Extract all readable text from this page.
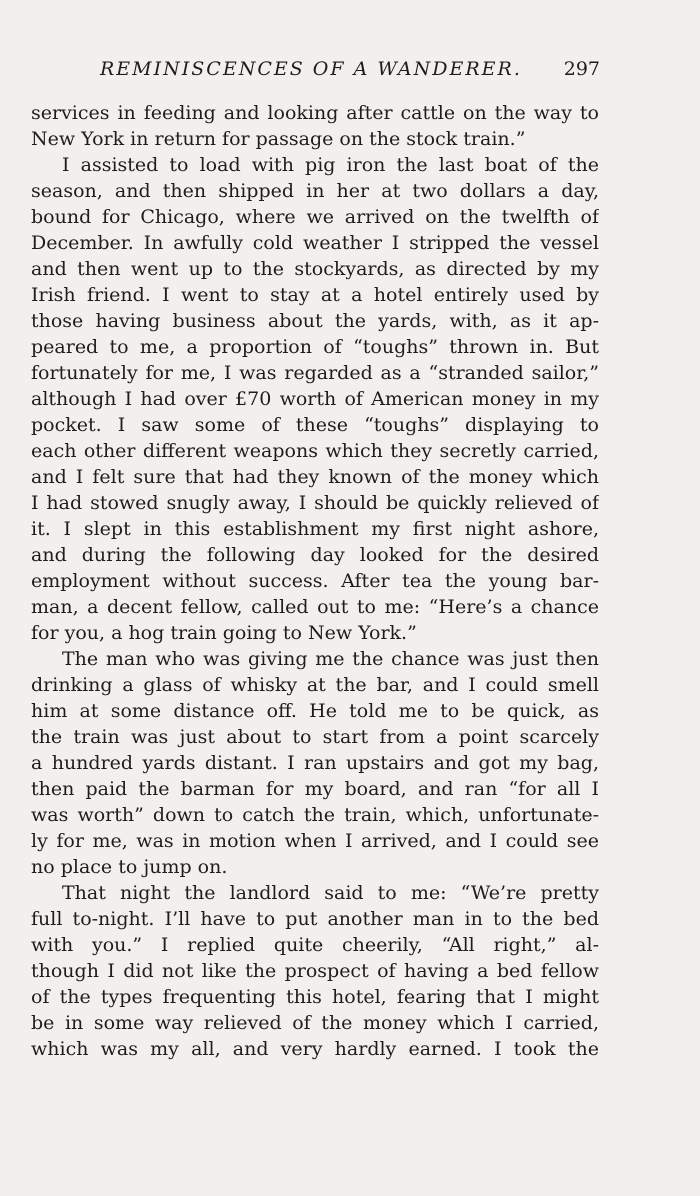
REMINISCENCES OF A WANDERER. 297
services in feeding and looking after cattle on the way to
New York in return for passage on the stock train.”
I assisted to load with pig iron the last boat of the
season, and then shipped in her at two dollars a day,
bound for Chicago, where we arrived on the twelfth of
December. In awfully cold weather I stripped the vessel
and then went up to the stockyards, as directed by my
Irish friend. I went to stay at a hotel entirely used by
those having business about the yards, with, as it ap-
peared to me, a proportion of “toughs” thrown in. But
fortunately for me, I was regarded as a “stranded sailor,”
although I had over £70 worth of American money in my
pocket. I saw some of these “toughs” displaying to
each other different weapons which they secretly carried,
and I felt sure that had they known of the money which
I had stowed snugly away, I should be quickly relieved of
it. I slept in this establishment my first night ashore,
and during the following day looked for the desired
employment without success. After tea the young bar-
man, a decent fellow, called out to me: “Here’s a chance
for you, a hog train going to New York.”
The man who was giving me the chance was just then
drinking a glass of whisky at the bar, and I could smell
him at some distance off. He told me to be quick, as
the train was just about to start from a point scarcely
a hundred yards distant. I ran upstairs and got my bag,
then paid the barman for my board, and ran “for all I
was worth” down to catch the train, which, unfortunate-
ly for me, was in motion when I arrived, and I could see
no place to jump on.
That night the landlord said to me: “We’re pretty
full to-night. I’ll have to put another man in to the bed
with you.” I replied quite cheerily, “All right,” al-
though I did not like the prospect of having a bed fellow
of the types frequenting this hotel, fearing that I might
be in some way relieved of the money which I carried,
which was my all, and very hardly earned. I took the
